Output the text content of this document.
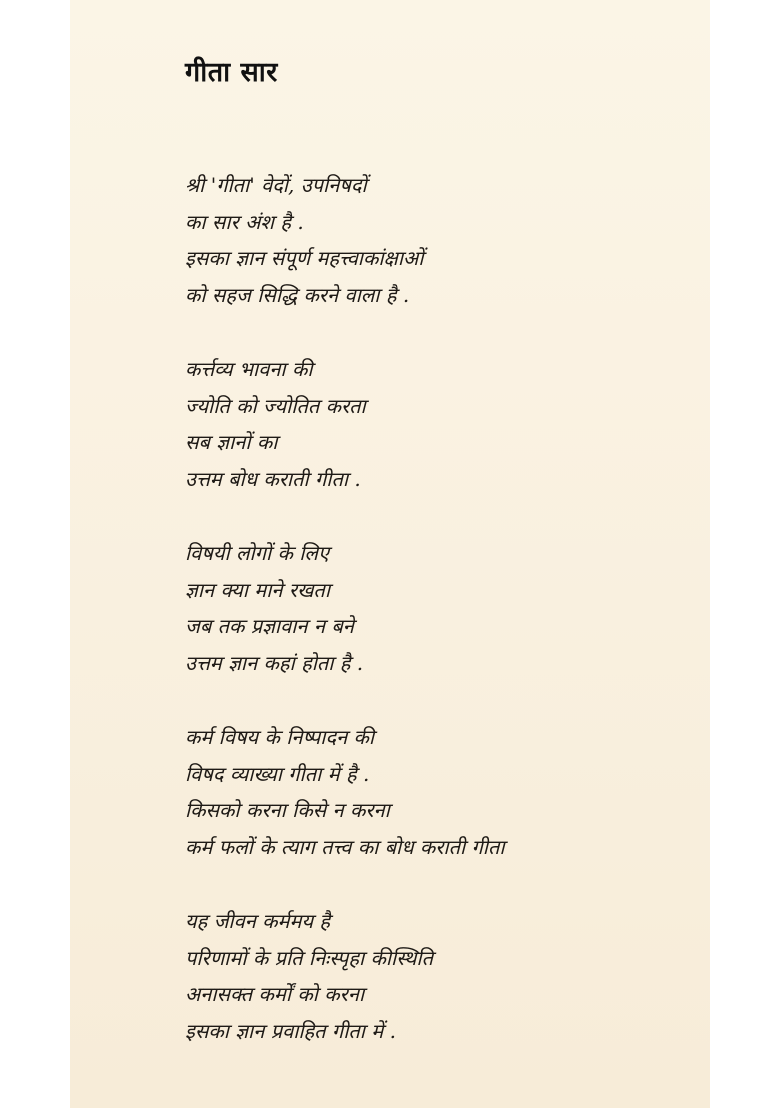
गीता सार
श्री 'गीता' वेदों, उपनिषदों
का सार अंश है .
इसका ज्ञान संपूर्ण महत्त्वाकांक्षाओं
को सहज सिद्धि करने वाला है .
कर्त्तव्य भावना की
ज्योति को ज्योतित करता
सब ज्ञानों का
उत्तम बोध कराती गीता .
विषयी लोगों के लिए
ज्ञान क्या माने रखता
जब तक प्रज्ञावान न बने
उत्तम ज्ञान कहां होता है .
कर्म विषय के निष्पादन की
विषद व्याख्या गीता में है .
किसको करना किसे न करना
कर्म फलों के त्याग तत्त्व का बोध कराती गीता
यह जीवन कर्ममय है
परिणामों के प्रति निःस्पृहा कीस्थिति
अनासक्त कर्मों को करना
इसका ज्ञान प्रवाहित गीता में .
